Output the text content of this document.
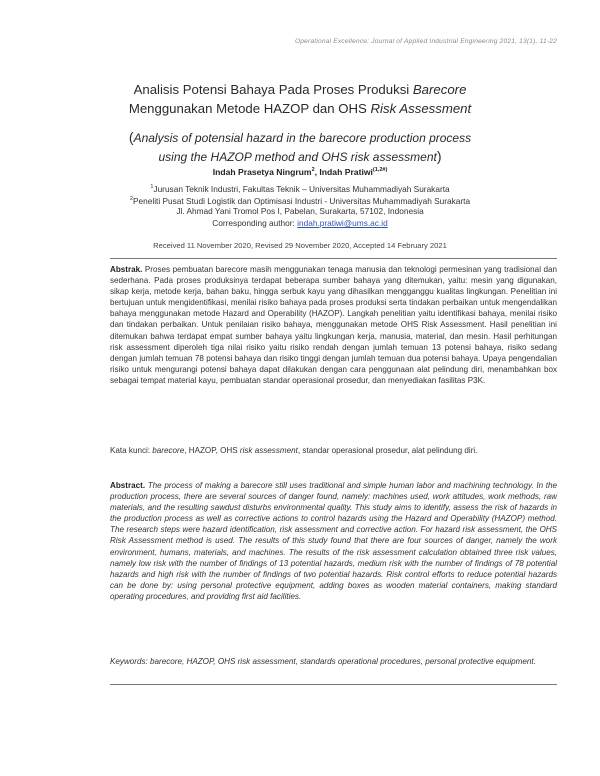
Operational Excellence: Journal of Applied Industrial Engineering 2021, 13(1), 11-22
Analisis Potensi Bahaya Pada Proses Produksi Barecore
Menggunakan Metode HAZOP dan OHS Risk Assessment
(Analysis of potensial hazard in the barecore production process
using the HAZOP method and OHS risk assessment)
Indah Prasetya Ningrum$^2$, Indah Pratiwi$^{(1,2\#)}$
$^1$Jurusan Teknik Industri, Fakultas Teknik – Universitas Muhammadiyah Surakarta
$^2$Peneliti Pusat Studi Logistik dan Optimisasi Industri - Universitas Muhammadiyah Surakarta
Jl. Ahmad Yani Tromol Pos I, Pabelan, Surakarta, 57102, Indonesia
Corresponding author: indah.pratiwi@ums.ac.id
Received 11 November 2020, Revised 29 November 2020, Accepted 14 February 2021
Abstrak. Proses pembuatan barecore masih menggunakan tenaga manusia dan teknologi permesinan yang tradisional dan sederhana. Pada proses produksinya terdapat beberapa sumber bahaya yang ditemukan, yaitu: mesin yang digunakan, sikap kerja, metode kerja, bahan baku, hingga serbuk kayu yang dihasilkan mengganggu kualitas lingkungan. Penelitian ini bertujuan untuk mengidentifikasi, menilai risiko bahaya pada proses produksi serta tindakan perbaikan untuk mengendalikan bahaya menggunakan metode Hazard and Operability (HAZOP). Langkah penelitian yaitu identifikasi bahaya, menilai risiko dan tindakan perbaikan. Untuk penilaian risiko bahaya, menggunakan metode OHS Risk Assessment. Hasil penelitian ini ditemukan bahwa terdapat empat sumber bahaya yaitu lingkungan kerja, manusia, material, dan mesin. Hasil perhitungan risk assessment diperoleh tiga nilai risiko yaitu risiko rendah dengan jumlah temuan 13 potensi bahaya, risiko sedang dengan jumlah temuan 78 potensi bahaya dan risiko tinggi dengan jumlah temuan dua potensi bahaya. Upaya pengendalian risiko untuk mengurangi potensi bahaya dapat dilakukan dengan cara penggunaan alat pelindung diri, menambahkan box sebagai tempat material kayu, pembuatan standar operasional prosedur, dan menyediakan fasilitas P3K.
Kata kunci: barecore, HAZOP, OHS risk assessment, standar operasional prosedur, alat pelindung diri.
Abstract. The process of making a barecore still uses traditional and simple human labor and machining technology. In the production process, there are several sources of danger found, namely: machines used, work attitudes, work methods, raw materials, and the resulting sawdust disturbs environmental quality. This study aims to identify, assess the risk of hazards in the production process as well as corrective actions to control hazards using the Hazard and Operability (HAZOP) method. The research steps were hazard identification, risk assessment and corrective action. For hazard risk assessment, the OHS Risk Assessment method is used. The results of this study found that there are four sources of danger, namely the work environment, humans, materials, and machines. The results of the risk assessment calculation obtained three risk values, namely low risk with the number of findings of 13 potential hazards, medium risk with the number of findings of 78 potential hazards and high risk with the number of findings of two potential hazards. Risk control efforts to reduce potential hazards can be done by: using personal protective equipment, adding boxes as wooden material containers, making standard operating procedures, and providing first aid facilities.
Keywords: barecore, HAZOP, OHS risk assessment, standards operational procedures, personal protective equipment.
